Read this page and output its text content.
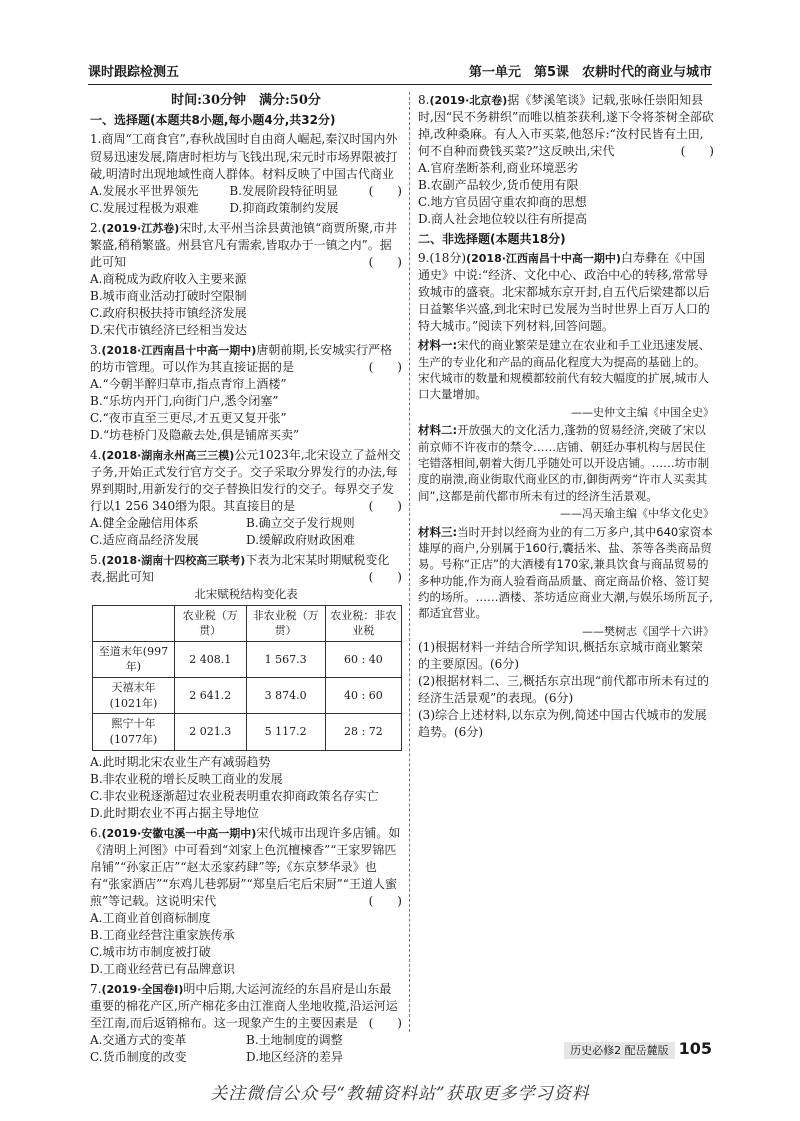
课时跟踪检测五	第一单元　第5课　农耕时代的商业与城市
时间:30分钟　满分:50分
一、选择题(本题共8小题,每小题4分,共32分)

1.商周“工商食官”,春秋战国时自由商人崛起,秦汉时国内外贸易迅速发展,隋唐时柜坊与飞钱出现,宋元时市场界限被打破,明清时出现地域性商人群体。材料反映了中国古代商业
(　　)

A.发展水平世界领先	B.发展阶段特征明显
C.发展过程极为艰难	D.抑商政策制约发展

2.(2019·江苏卷)宋时,太平州当涂县黄池镇“商贾所聚,市井繁盛,稍稍繁盛。州县官凡有需索,皆取办于一镇之内”。据此可知	(　　)

A.商税成为政府收入主要来源
B.城市商业活动打破时空限制
C.政府积极扶持市镇经济发展
D.宋代市镇经济已经相当发达

3.(2018·江西南昌十中高一期中)唐朝前期,长安城实行严格的坊市管理。可以作为其直接证据的是	(　　)

A.“今朝半醉归草市,指点青帘上酒楼”
B.“乐坊内开门,向街门户,悉令闭塞”
C.“夜市直至三更尽,才五更又复开张”
D.“坊巷桥门及隐蔽去处,俱是铺席买卖”

4.(2018·湖南永州高三三模)公元1023年,北宋设立了益州交子务,开始正式发行官方交子。交子采取分界发行的办法,每界到期时,用新发行的交子替换旧发行的交子。每界交子发行以1 256 340缗为限。其直接目的是	(　　)

A.健全金融信用体系	B.确立交子发行规则
C.适应商品经济发展	D.缓解政府财政困难

5.(2018·湖南十四校高三联考)下表为北宋某时期赋税变化表,据此可知	(　　)

北宋赋税结构变化表
	农业税（万贯）	非农业税（万贯）	农业税：非农业税
至道末年(997年)	2 408.1	1 567.3	60 : 40
天禧末年(1021年)	2 641.2	3 874.0	40 : 60
熙宁十年(1077年)	2 021.3	5 117.2	28 : 72
A.此时期北宋农业生产有减弱趋势
B.非农业税的增长反映工商业的发展
C.非农业税逐渐超过农业税表明重农抑商政策名存实亡
D.此时期农业不再占据主导地位

6.(2019·安徽屯溪一中高一期中)宋代城市出现许多店铺。如《清明上河图》中可看到“刘家上色沉檀楝香”“王家罗锦匹帛铺”“孙家正店”“赵太丞家药肆”等;《东京梦华录》也有“张家酒店”“东鸡儿巷郭厨”“郑皇后宅后宋厨”“王道人蜜煎”等记载。这说明宋代	(　　)

A.工商业首创商标制度
B.工商业经营注重家族传承
C.城市坊市制度被打破
D.工商业经营已有品牌意识

7.(2019·全国卷Ⅰ)明中后期,大运河流经的东昌府是山东最重要的棉花产区,所产棉花多由江淮商人坐地收揽,沿运河运至江南,而后返销棉布。这一现象产生的主要因素是 (　　)

A.交通方式的变革	B.土地制度的调整
C.货币制度的改变	D.地区经济的差异

8.(2019·北京卷)据《梦溪笔谈》记载,张咏任崇阳知县时,因“民不务耕织”而唯以植茶获利,遂下令将茶树全部砍掉,改种桑麻。有人入市买菜,他怒斥:“汝村民皆有土田,何不自种而费钱买菜?”这反映出,宋代	(　　)

A.官府垄断茶利,商业环境恶劣
B.农副产品较少,货币使用有限
C.地方官员固守重农抑商的思想
D.商人社会地位较以往有所提高
二、非选择题(本题共18分)

9.(18分)(2018·江西南昌十中高一期中)白寿彝在《中国通史》中说:“经济、文化中心、政治中心的转移,常常导致城市的盛衰。北宋都城东京开封,自五代后梁建都以后日益繁华兴盛,到北宋时已发展为当时世界上百万人口的特大城市。”阅读下列材料,回答问题。

材料一:宋代的商业繁荣是建立在农业和手工业迅速发展、生产的专业化和产品的商品化程度大为提高的基础上的。宋代城市的数量和规模都较前代有较大幅度的扩展,城市人口大量增加。
——史仲文主编《中国全史》
材料二:开放强大的文化活力,蓬勃的贸易经济,突破了宋以前京师不许夜市的禁令……店铺、朝廷办事机构与居民住宅错落相间,朝着大街几乎随处可以开设店铺。……坊市制度的崩溃,商业街取代商业区的市,御街两旁“许市人买卖其间”,这都是前代都市所未有过的经济生活景观。
——冯天瑜主编《中华文化史》
材料三:当时开封以经商为业的有二万多户,其中640家资本雄厚的商户,分别属于160行,囊括米、盐、茶等各类商品贸易。号称“正店”的大酒楼有170家,兼具饮食与商品贸易的多种功能,作为商人验看商品质量、商定商品价格、签订契约的场所。……酒楼、茶坊适应商业大潮,与娱乐场所瓦子,都适宜营业。
——樊树志《国学十六讲》
(1)根据材料一并结合所学知识,概括东京城市商业繁荣的主要原因。(6分)
(2)根据材料二、三,概括东京出现“前代都市所未有过的经济生活景观”的表现。(6分)
(3)综合上述材料,以东京为例,简述中国古代城市的发展趋势。(6分)
历史必修2 配岳麓版 105
关注微信公众号“教辅资料站”获取更多学习资料
